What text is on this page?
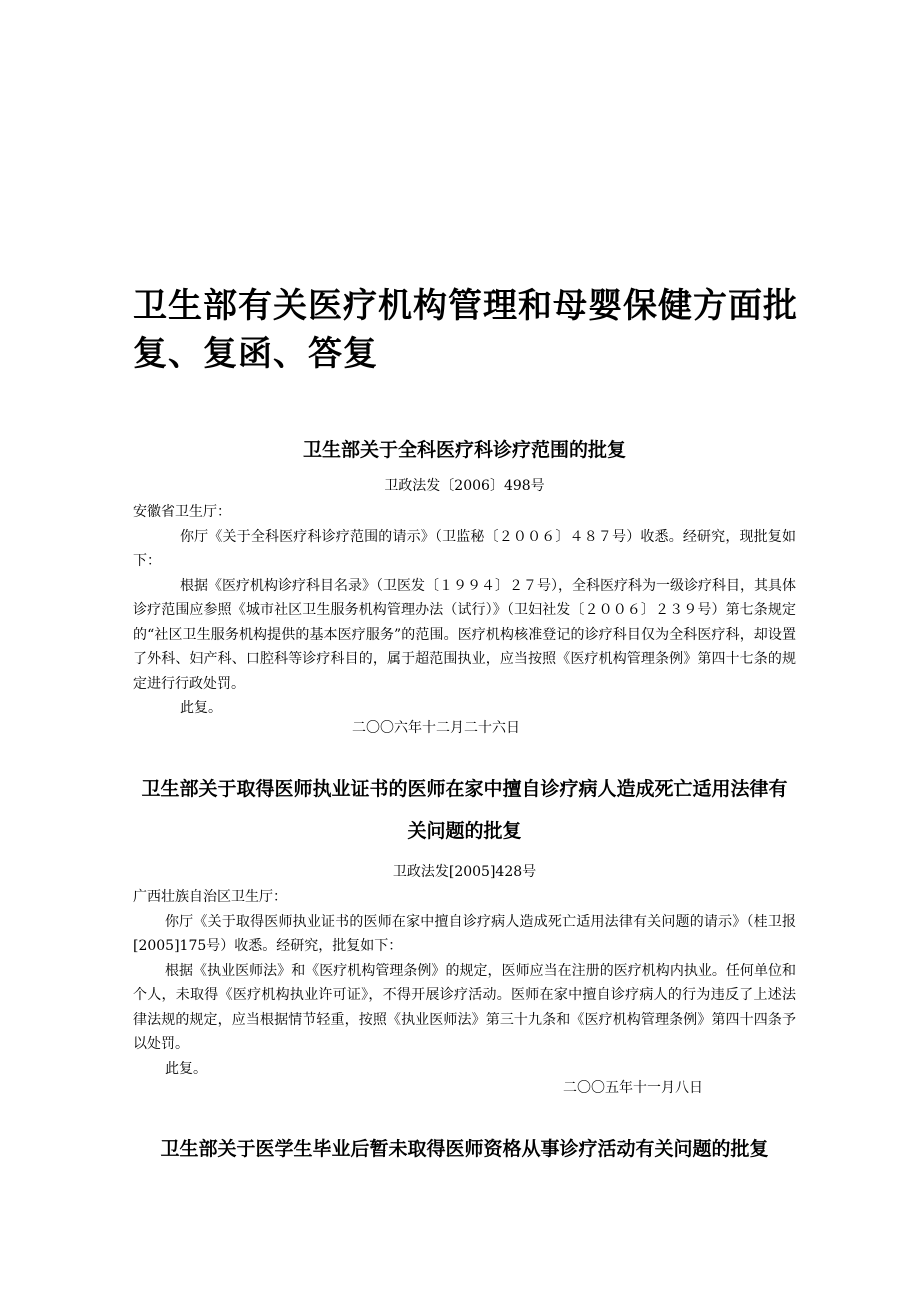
卫生部有关医疗机构管理和母婴保健方面批复、复函、答复
卫生部关于全科医疗科诊疗范围的批复

卫政法发〔2006〕498号

安徽省卫生厅：

你厅《关于全科医疗科诊疗范围的请示》（卫监秘〔２００６〕４８７号）收悉。经研究，现批复如下：

根据《医疗机构诊疗科目名录》（卫医发〔１９９４〕２７号），全科医疗科为一级诊疗科目，其具体诊疗范围应参照《城市社区卫生服务机构管理办法（试行）》（卫妇社发〔２００６〕２３９号）第七条规定的“社区卫生服务机构提供的基本医疗服务”的范围。医疗机构核准登记的诊疗科目仅为全科医疗科，却设置了外科、妇产科、口腔科等诊疗科目的，属于超范围执业，应当按照《医疗机构管理条例》第四十七条的规定进行行政处罚。

此复。

二〇〇六年十二月二十六日

卫生部关于取得医师执业证书的医师在家中擅自诊疗病人造成死亡适用法律有关问题的批复

卫政法发[2005]428号

广西壮族自治区卫生厅：

你厅《关于取得医师执业证书的医师在家中擅自诊疗病人造成死亡适用法律有关问题的请示》（桂卫报[2005]175号）收悉。经研究，批复如下：

根据《执业医师法》和《医疗机构管理条例》的规定，医师应当在注册的医疗机构内执业。任何单位和个人，未取得《医疗机构执业许可证》，不得开展诊疗活动。医师在家中擅自诊疗病人的行为违反了上述法律法规的规定，应当根据情节轻重，按照《执业医师法》第三十九条和《医疗机构管理条例》第四十四条予以处罚。

此复。

二〇〇五年十一月八日

卫生部关于医学生毕业后暂未取得医师资格从事诊疗活动有关问题的批复
